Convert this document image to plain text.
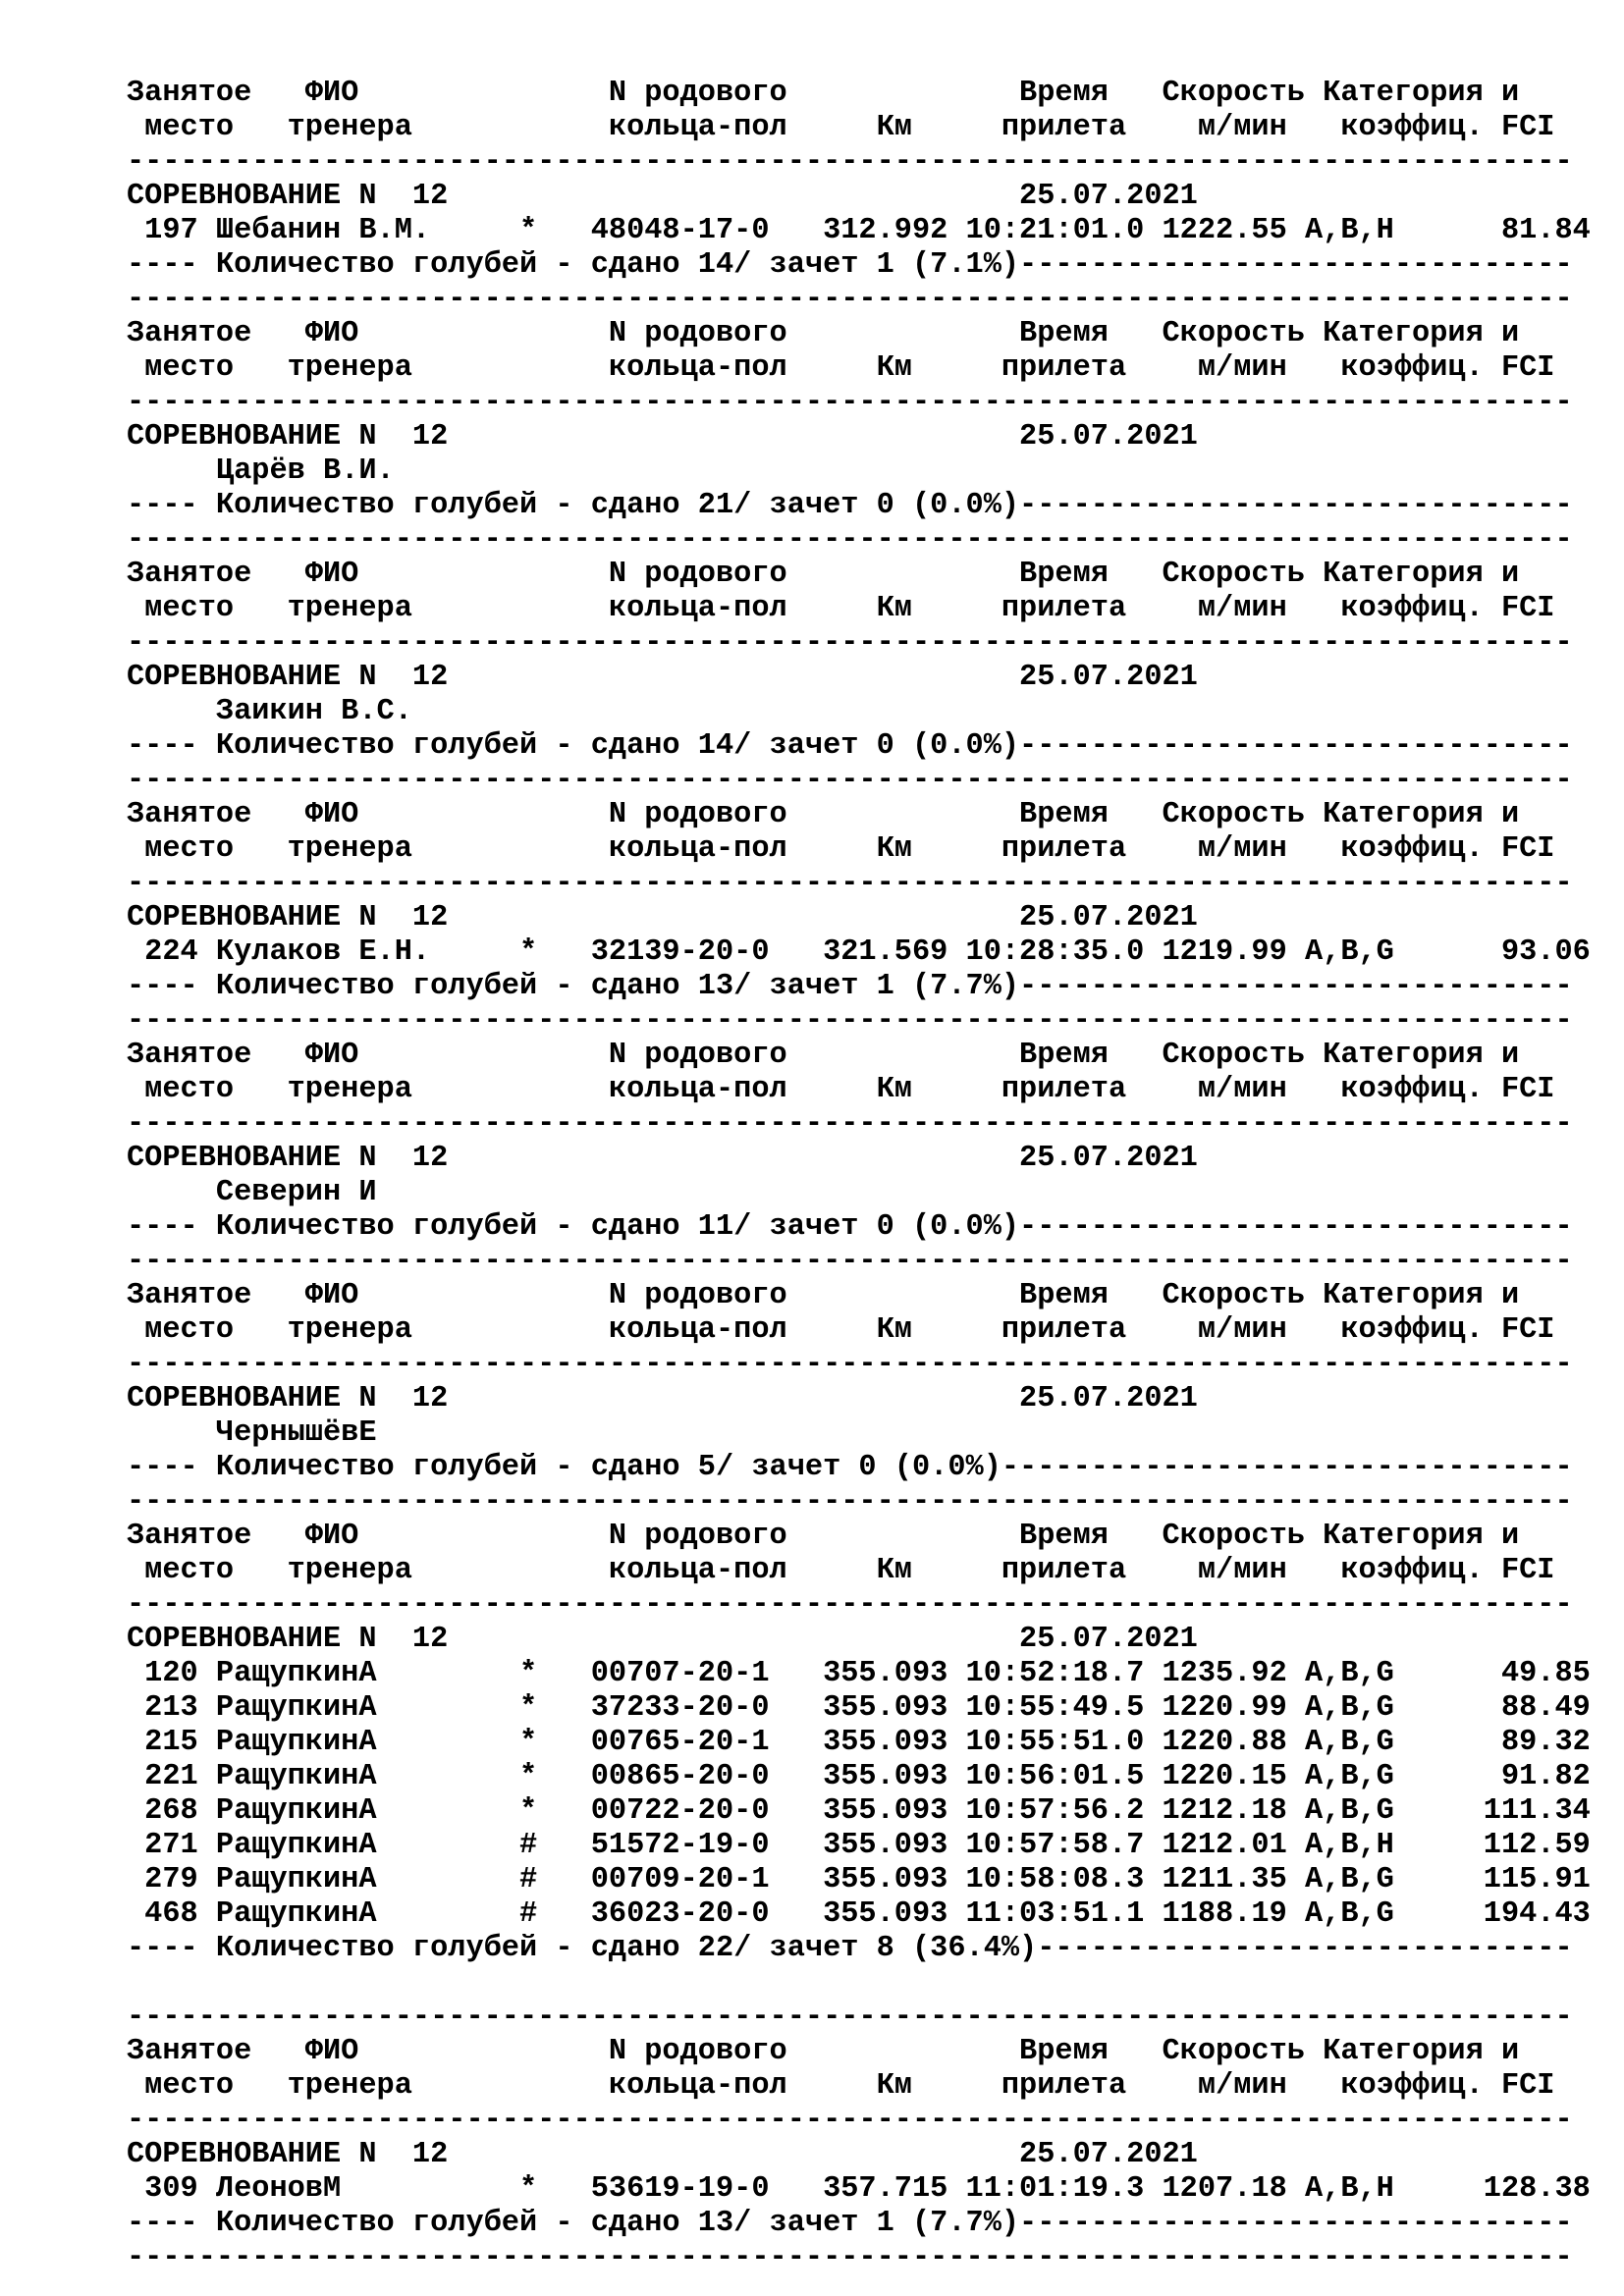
Занятое   ФИО              N родового             Время   Скорость Категория и
место   тренера           кольца-пол     Км     прилета    м/мин   коэффиц. FCI
---------------------------------------------------------------------------------
СОРЕВНОВАНИЕ N  12                                25.07.2021
197 Шебанин В.М.     *   48048-17-0   312.992 10:21:01.0 1222.55 A,B,H      81.84
---- Количество голубей - сдано 14/ зачет 1 (7.1%)-------------------------------
---------------------------------------------------------------------------------
Занятое   ФИО              N родового             Время   Скорость Категория и
место   тренера           кольца-пол     Км     прилета    м/мин   коэффиц. FCI
---------------------------------------------------------------------------------
СОРЕВНОВАНИЕ N  12                                25.07.2021
Царёв В.И.
---- Количество голубей - сдано 21/ зачет 0 (0.0%)-------------------------------
---------------------------------------------------------------------------------
Занятое   ФИО              N родового             Время   Скорость Категория и
место   тренера           кольца-пол     Км     прилета    м/мин   коэффиц. FCI
---------------------------------------------------------------------------------
СОРЕВНОВАНИЕ N  12                                25.07.2021
Заикин В.С.
---- Количество голубей - сдано 14/ зачет 0 (0.0%)-------------------------------
---------------------------------------------------------------------------------
Занятое   ФИО              N родового             Время   Скорость Категория и
место   тренера           кольца-пол     Км     прилета    м/мин   коэффиц. FCI
---------------------------------------------------------------------------------
СОРЕВНОВАНИЕ N  12                                25.07.2021
224 Кулаков Е.Н.     *   32139-20-0   321.569 10:28:35.0 1219.99 A,B,G      93.06
---- Количество голубей - сдано 13/ зачет 1 (7.7%)-------------------------------
---------------------------------------------------------------------------------
Занятое   ФИО              N родового             Время   Скорость Категория и
место   тренера           кольца-пол     Км     прилета    м/мин   коэффиц. FCI
---------------------------------------------------------------------------------
СОРЕВНОВАНИЕ N  12                                25.07.2021
Северин И
---- Количество голубей - сдано 11/ зачет 0 (0.0%)-------------------------------
---------------------------------------------------------------------------------
Занятое   ФИО              N родового             Время   Скорость Категория и
место   тренера           кольца-пол     Км     прилета    м/мин   коэффиц. FCI
---------------------------------------------------------------------------------
СОРЕВНОВАНИЕ N  12                                25.07.2021
ЧернышёвЕ
---- Количество голубей - сдано 5/ зачет 0 (0.0%)--------------------------------
---------------------------------------------------------------------------------
Занятое   ФИО              N родового             Время   Скорость Категория и
место   тренера           кольца-пол     Км     прилета    м/мин   коэффиц. FCI
---------------------------------------------------------------------------------
СОРЕВНОВАНИЕ N  12                                25.07.2021
120 РащупкинА        *   00707-20-1   355.093 10:52:18.7 1235.92 A,B,G      49.85
213 РащупкинА        *   37233-20-0   355.093 10:55:49.5 1220.99 A,B,G      88.49
215 РащупкинА        *   00765-20-1   355.093 10:55:51.0 1220.88 A,B,G      89.32
221 РащупкинА        *   00865-20-0   355.093 10:56:01.5 1220.15 A,B,G      91.82
268 РащупкинА        *   00722-20-0   355.093 10:57:56.2 1212.18 A,B,G     111.34
271 РащупкинА        #   51572-19-0   355.093 10:57:58.7 1212.01 A,B,H     112.59
279 РащупкинА        #   00709-20-1   355.093 10:58:08.3 1211.35 A,B,G     115.91
468 РащупкинА        #   36023-20-0   355.093 11:03:51.1 1188.19 A,B,G     194.43
---- Количество голубей - сдано 22/ зачет 8 (36.4%)------------------------------
---------------------------------------------------------------------------------
Занятое   ФИО              N родового             Время   Скорость Категория и
место   тренера           кольца-пол     Км     прилета    м/мин   коэффиц. FCI
---------------------------------------------------------------------------------
СОРЕВНОВАНИЕ N  12                                25.07.2021
309 ЛеоновМ          *   53619-19-0   357.715 11:01:19.3 1207.18 A,B,H     128.38
---- Количество голубей - сдано 13/ зачет 1 (7.7%)-------------------------------
---------------------------------------------------------------------------------
